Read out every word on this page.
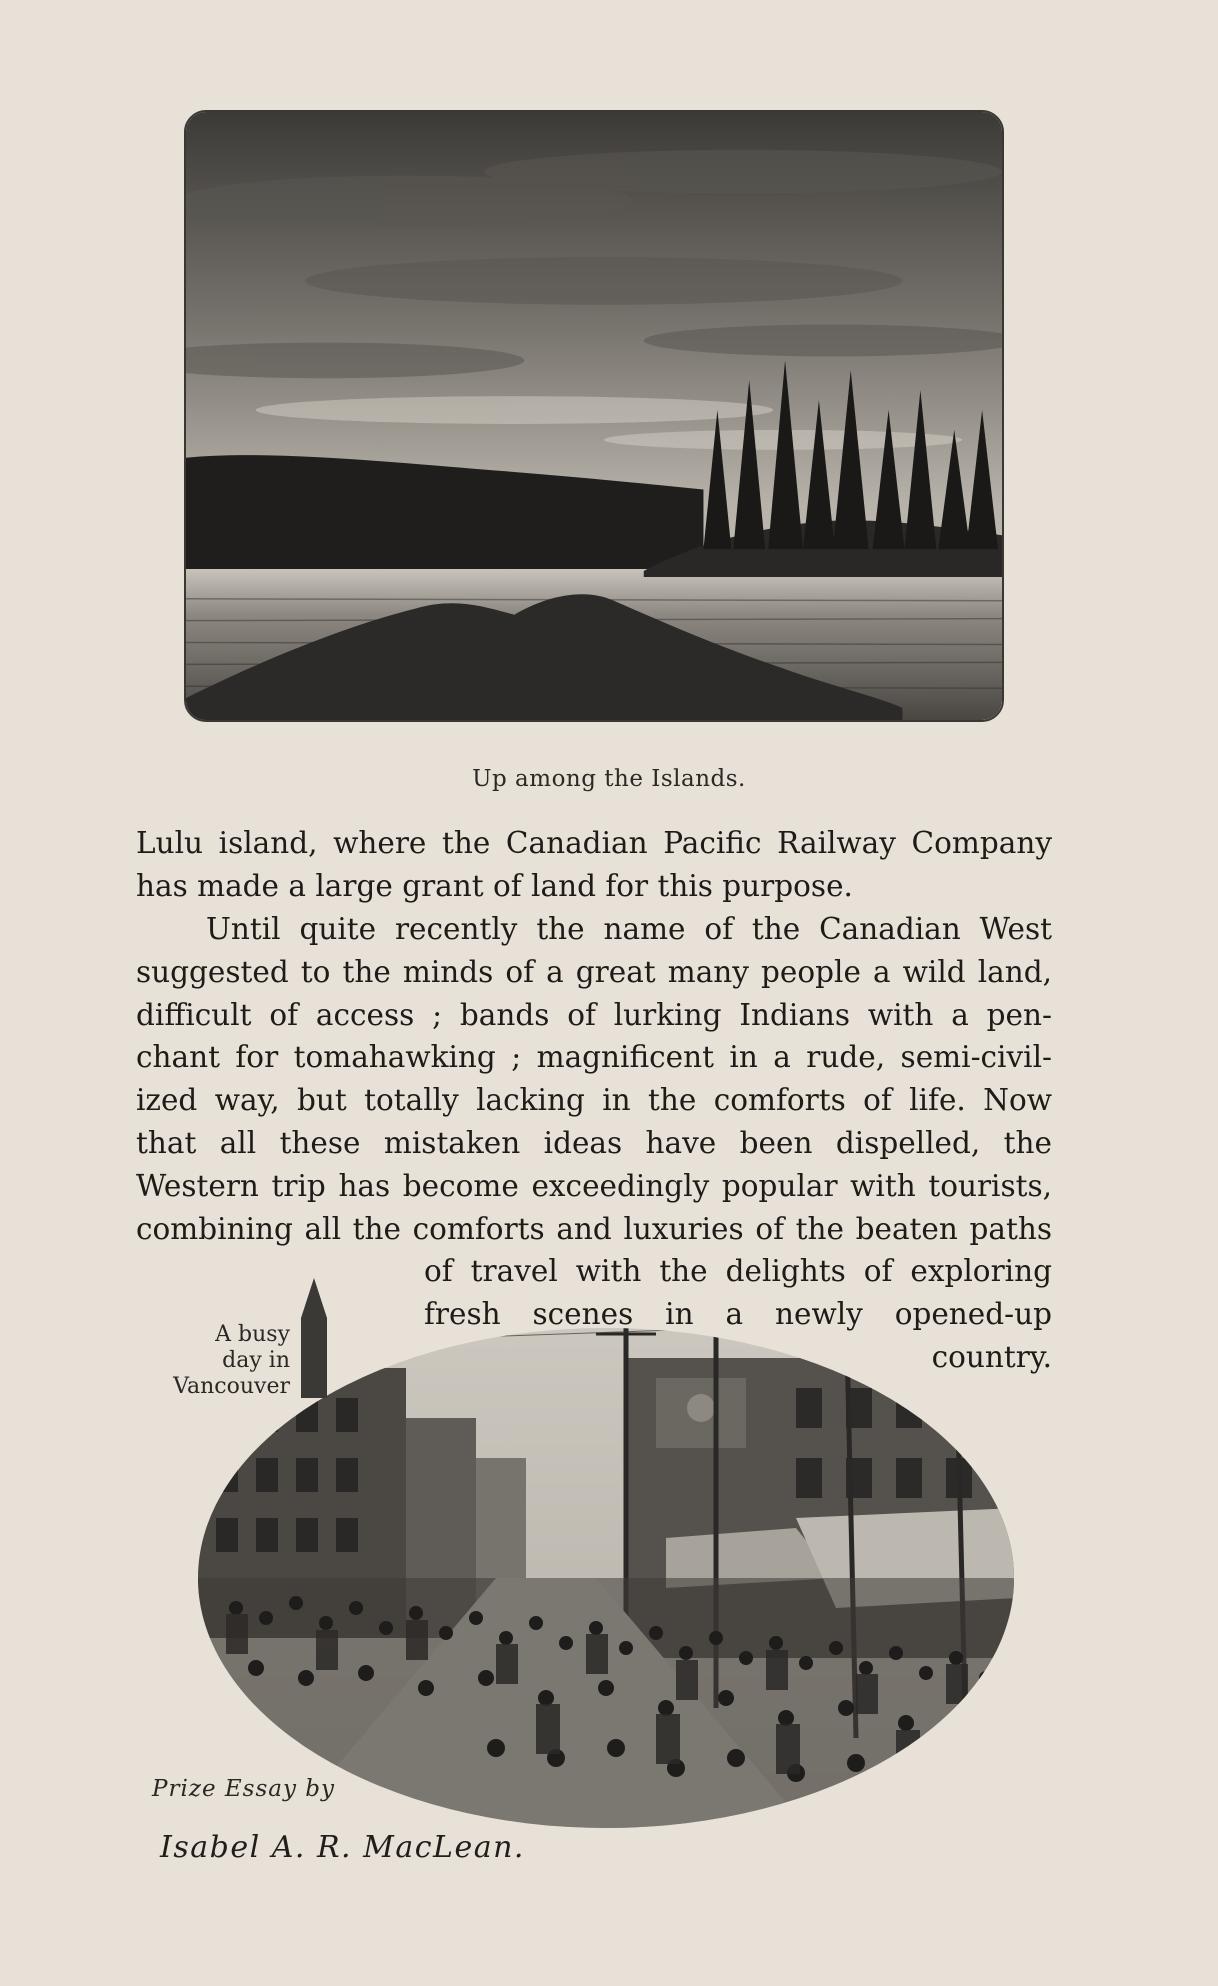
Up among the Islands.
Lulu island, where the Canadian Pacific Railway Company
has made a large grant of land for this purpose.
Until quite recently the name of the Canadian West
suggested to the minds of a great many people a wild land,
difficult of access ; bands of lurking Indians with a pen-
chant for tomahawking ; magnificent in a rude, semi-civil-
ized way, but totally lacking in the comforts of life. Now
that all these mistaken ideas have been dispelled, the
Western trip has become exceedingly popular with tourists,
combining all the comforts and luxuries of the beaten paths
of travel with the delights of exploring
fresh scenes in a newly opened-up
country.
A busy
day in
Vancouver
Prize Essay by
Isabel A. R. MacLean.
